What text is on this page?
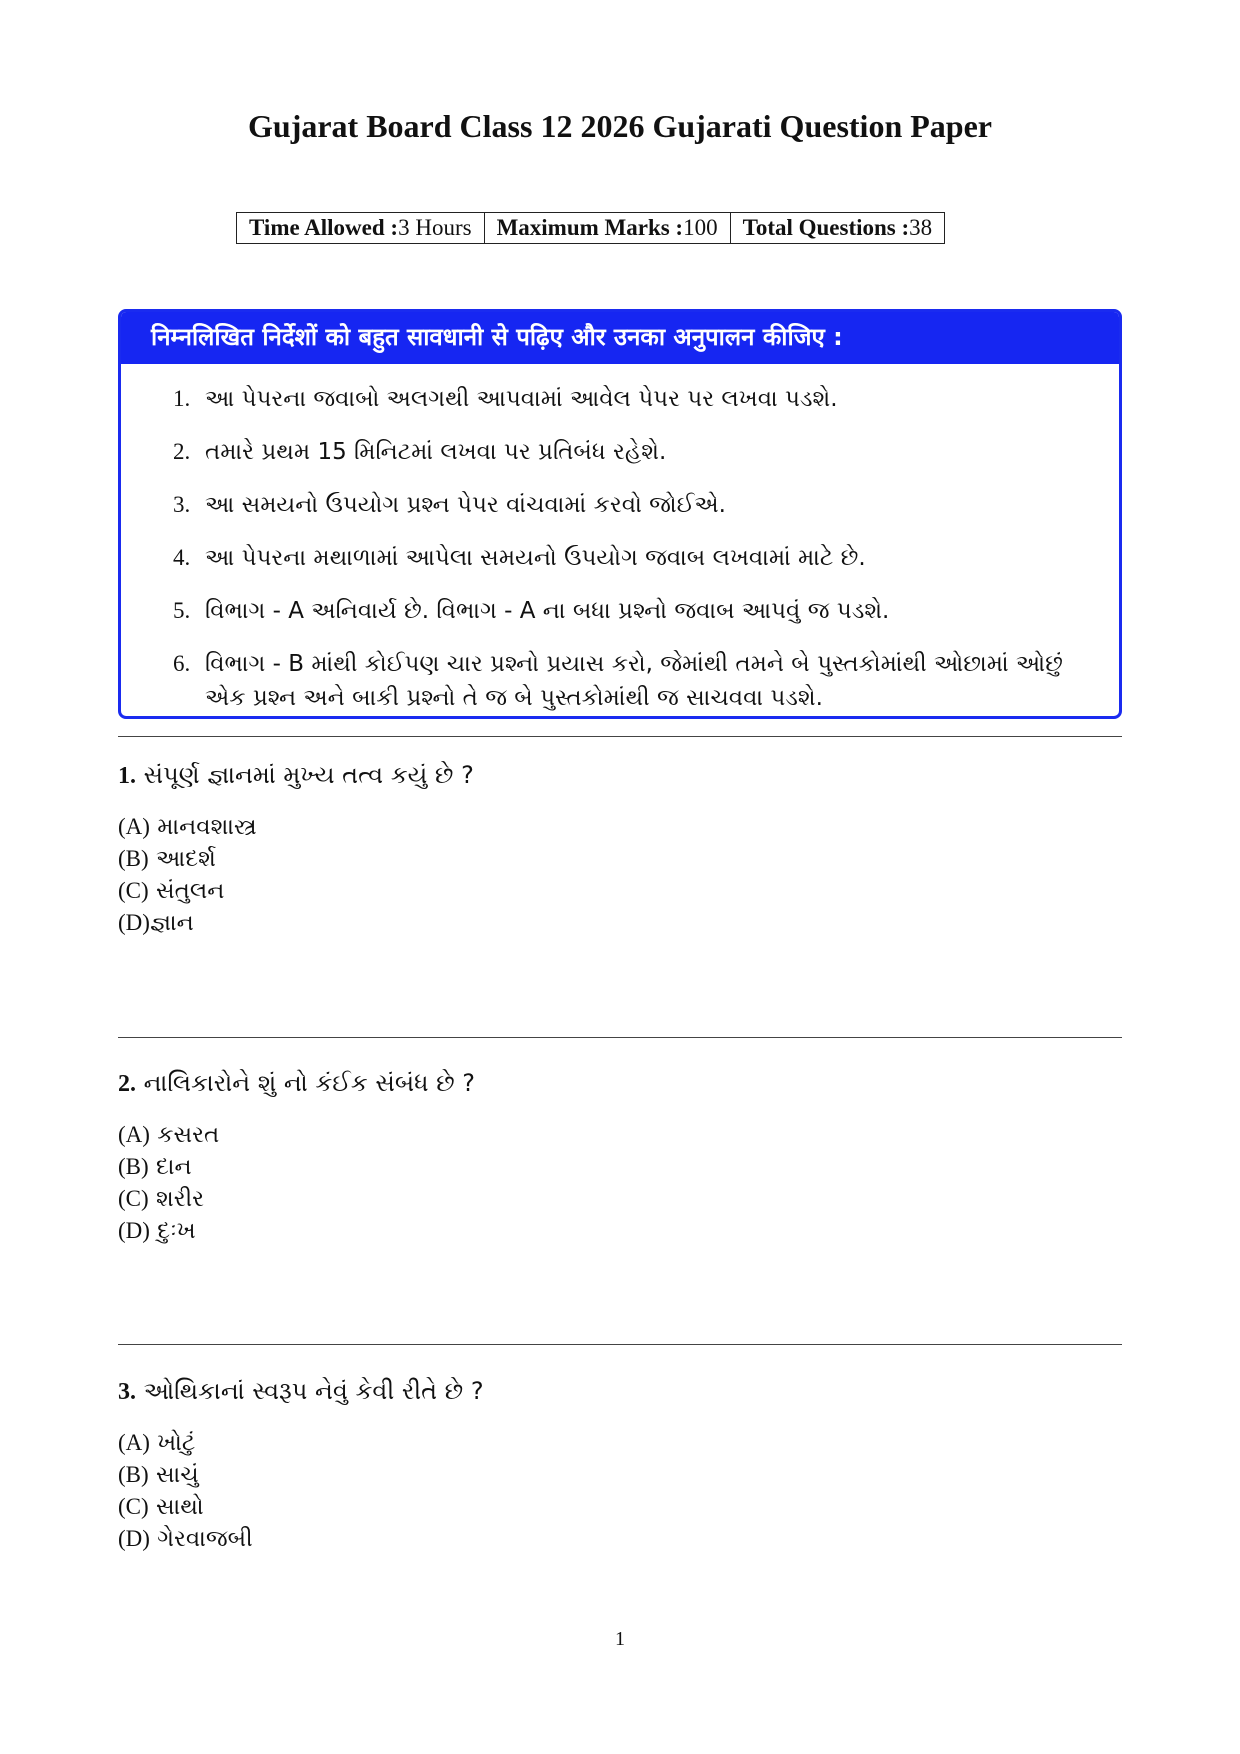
Gujarat Board Class 12 2026 Gujarati Question Paper
Time Allowed :3 Hours	Maximum Marks :100	Total Questions :38
निम्नलिखित निर्देशों को बहुत सावधानी से पढ़िए और उनका अनुपालन कीजिए :
1. આ પેપરના જવાબો અલગથી આપવામાં આવેલ પેપર પર લખવા પડશે.
2. તમારે પ્રથમ 15 મિનિટમાં લખવા પર પ્રતિબંધ રહેશે.
3. આ સમયનો ઉપયોગ પ્રશ્ન પેપર વાંચવામાં કરવો જોઈએ.
4. આ પેપરના મથાળામાં આપેલા સમયનો ઉપયોગ જવાબ લખવામાં માટે છે.
5. વિભાગ - A અનિવાર્ય છે. વિભાગ - A ના બધા પ્રશ્નો જવાબ આપવું જ પડશે.
6. વિભાગ - B માંથી કોઈપણ ચાર પ્રશ્નો પ્રયાસ કરો, જેમાંથી તમને બે પુસ્તકોમાંથી ઓછામાં ઓછું એક પ્રશ્ન અને બાકી પ્રશ્નો તે જ બે પુસ્તકોમાંથી જ સાચવવા પડશે.

1. સંપૂર્ણ જ્ઞાનમાં મુખ્ય તત્વ કયું છે ?

(A) માનવશાસ્ત્ર
(B) આદર્શ
(C) સંતુલન
(D)જ્ઞાન

2. નાલિકારોને શું નો કંઈક સંબંધ છે ?

(A) કસરત
(B) દાન
(C) શરીર
(D) દુઃખ

3. ઓથિકાનાં સ્વરૂપ નેવું કેવી રીતે છે ?

(A) ખોટું
(B) સાચું
(C) સાથો
(D) ગેરવાજબી
1
